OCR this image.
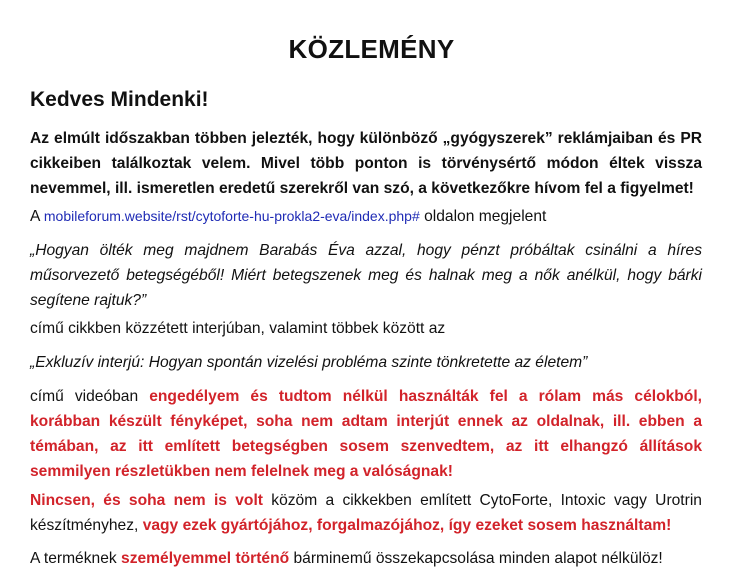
KÖZLEMÉNY
Kedves Mindenki!
Az elmúlt időszakban többen jelezték, hogy különböző „gyógyszerek” reklámjaiban és PR cikkeiben találkoztak velem. Mivel több ponton is törvénysértő módon éltek vissza nevemmel, ill. ismeretlen eredetű szerekről van szó, a következőkre hívom fel a figyelmet!
A mobileforum.website/rst/cytoforte-hu-prokla2-eva/index.php# oldalon megjelent
„Hogyan ölték meg majdnem Barabás Éva azzal, hogy pénzt próbáltak csinálni a híres műsorvezető betegségéből! Miért betegszenek meg és halnak meg a nők anélkül, hogy bárki segítene rajtuk?”
című cikkben közzétett interjúban, valamint többek között az
„Exkluzív interjú: Hogyan spontán vizelési probléma szinte tönkretette az életem”
című videóban engedélyem és tudtom nélkül használták fel a rólam más célokból, korábban készült fényképet, soha nem adtam interjút ennek az oldalnak, ill. ebben a témában, az itt említett betegségben sosem szenvedtem, az itt elhangzó állítások semmilyen részletükben nem felelnek meg a valóságnak!
Nincsen, és soha nem is volt közöm a cikkekben említett CytoForte, Intoxic vagy Urotrin készítményhez, vagy ezek gyártójához, forgalmazójához, így ezeket sosem használtam!
A terméknek személyemmel történő bárminemű összekapcsolása minden alapot nélkülöz!
